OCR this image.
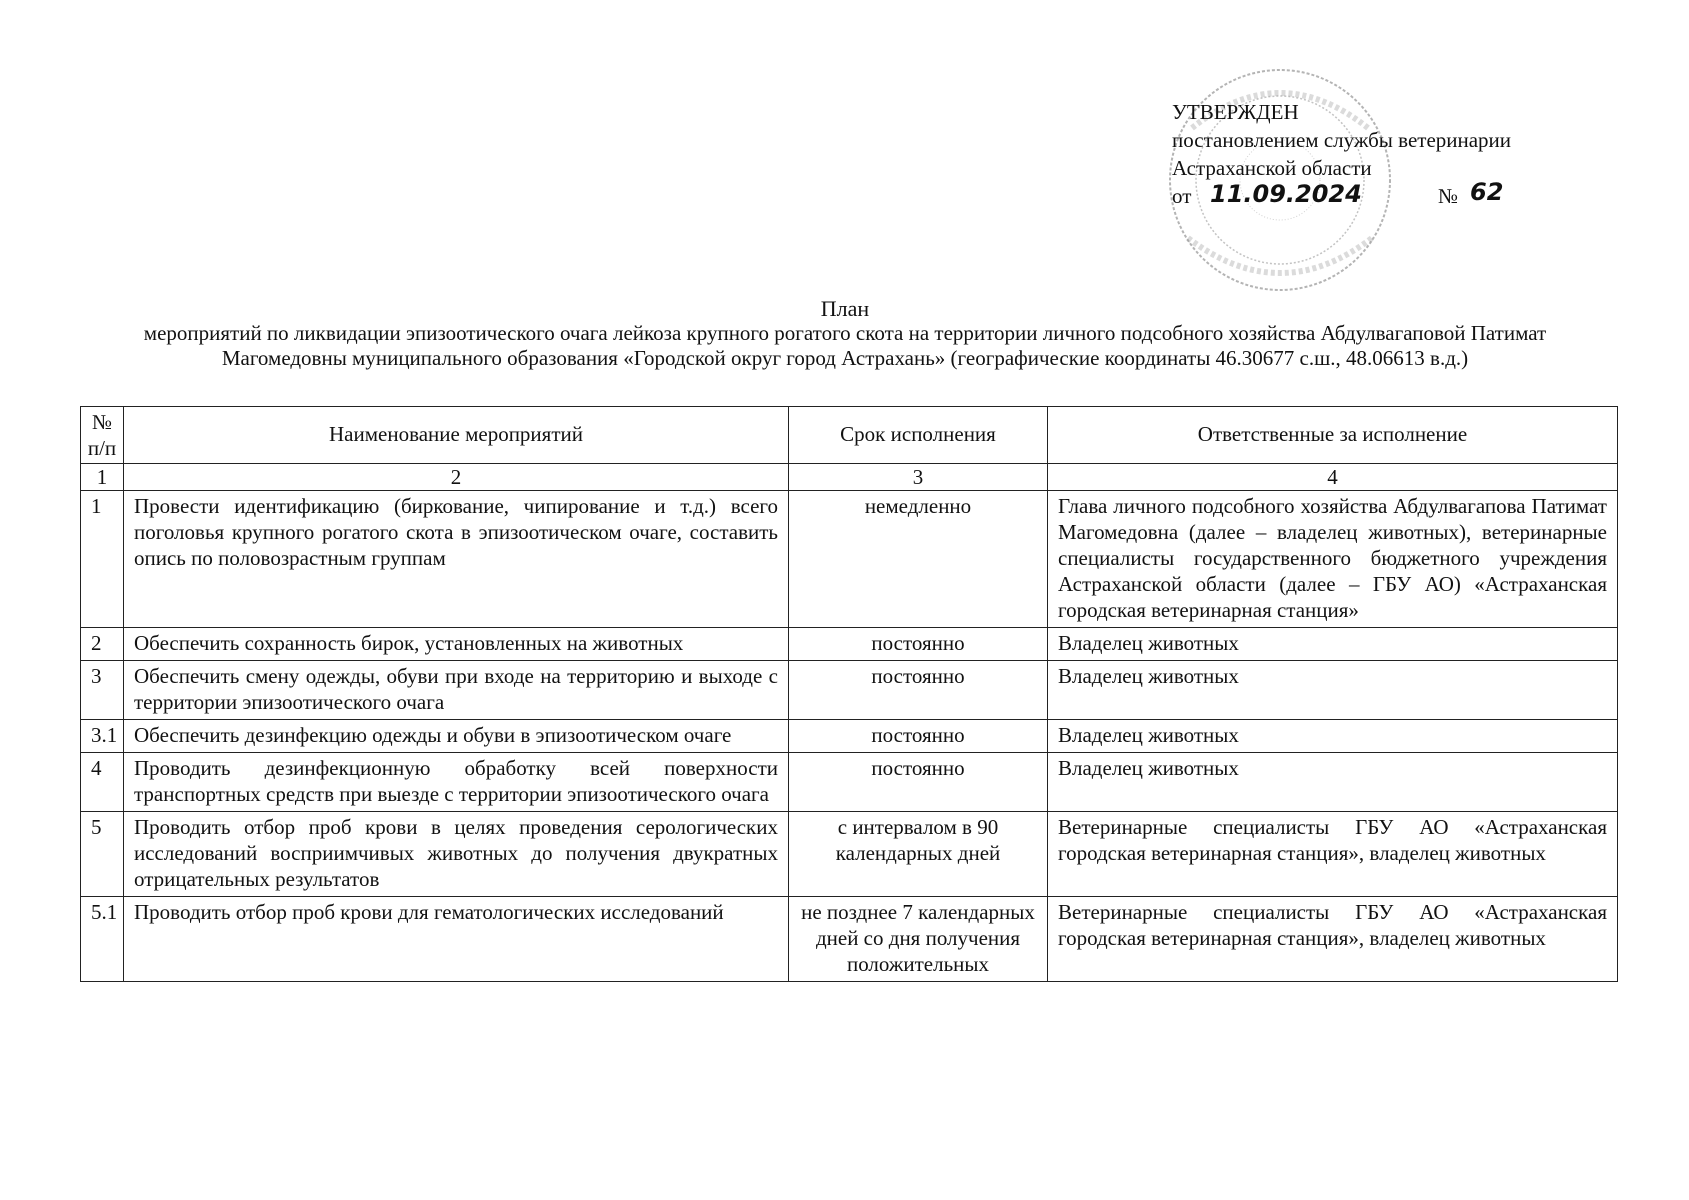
УТВЕРЖДЕН
постановлением службы ветеринарии
Астраханской области
от 11.09.2024	№ 62
План
мероприятий по ликвидации эпизоотического очага лейкоза крупного рогатого скота на территории личного подсобного хозяйства Абдулвагаповой Патимат Магомедовны муниципального образования «Городской округ город Астрахань» (географические координаты 46.30677 с.ш., 48.06613 в.д.)
№ п/п	Наименование мероприятий	Срок исполнения	Ответственные за исполнение
1	2	3	4
1	Провести идентификацию (биркование, чипирование и т.д.) всего поголовья крупного рогатого скота в эпизоотическом очаге, составить опись по половозрастным группам	немедленно	Глава личного подсобного хозяйства Абдулвагапова Патимат Магомедовна (далее – владелец животных), ветеринарные специалисты государственного бюджетного учреждения Астраханской области (далее – ГБУ АО) «Астраханская городская ветеринарная станция»
2	Обеспечить сохранность бирок, установленных на животных	постоянно	Владелец животных
3	Обеспечить смену одежды, обуви при входе на территорию и выходе с территории эпизоотического очага	постоянно	Владелец животных
3.1	Обеспечить дезинфекцию одежды и обуви в эпизоотическом очаге	постоянно	Владелец животных
4	Проводить дезинфекционную обработку всей поверхности транспортных средств при выезде с территории эпизоотического очага	постоянно	Владелец животных
5	Проводить отбор проб крови в целях проведения серологических исследований восприимчивых животных до получения двукратных отрицательных результатов	с интервалом в 90 календарных дней	Ветеринарные специалисты ГБУ АО «Астраханская городская ветеринарная станция», владелец животных
5.1	Проводить отбор проб крови для гематологических исследований	не позднее 7 календарных дней со дня получения положительных	Ветеринарные специалисты ГБУ АО «Астраханская городская ветеринарная станция», владелец животных
